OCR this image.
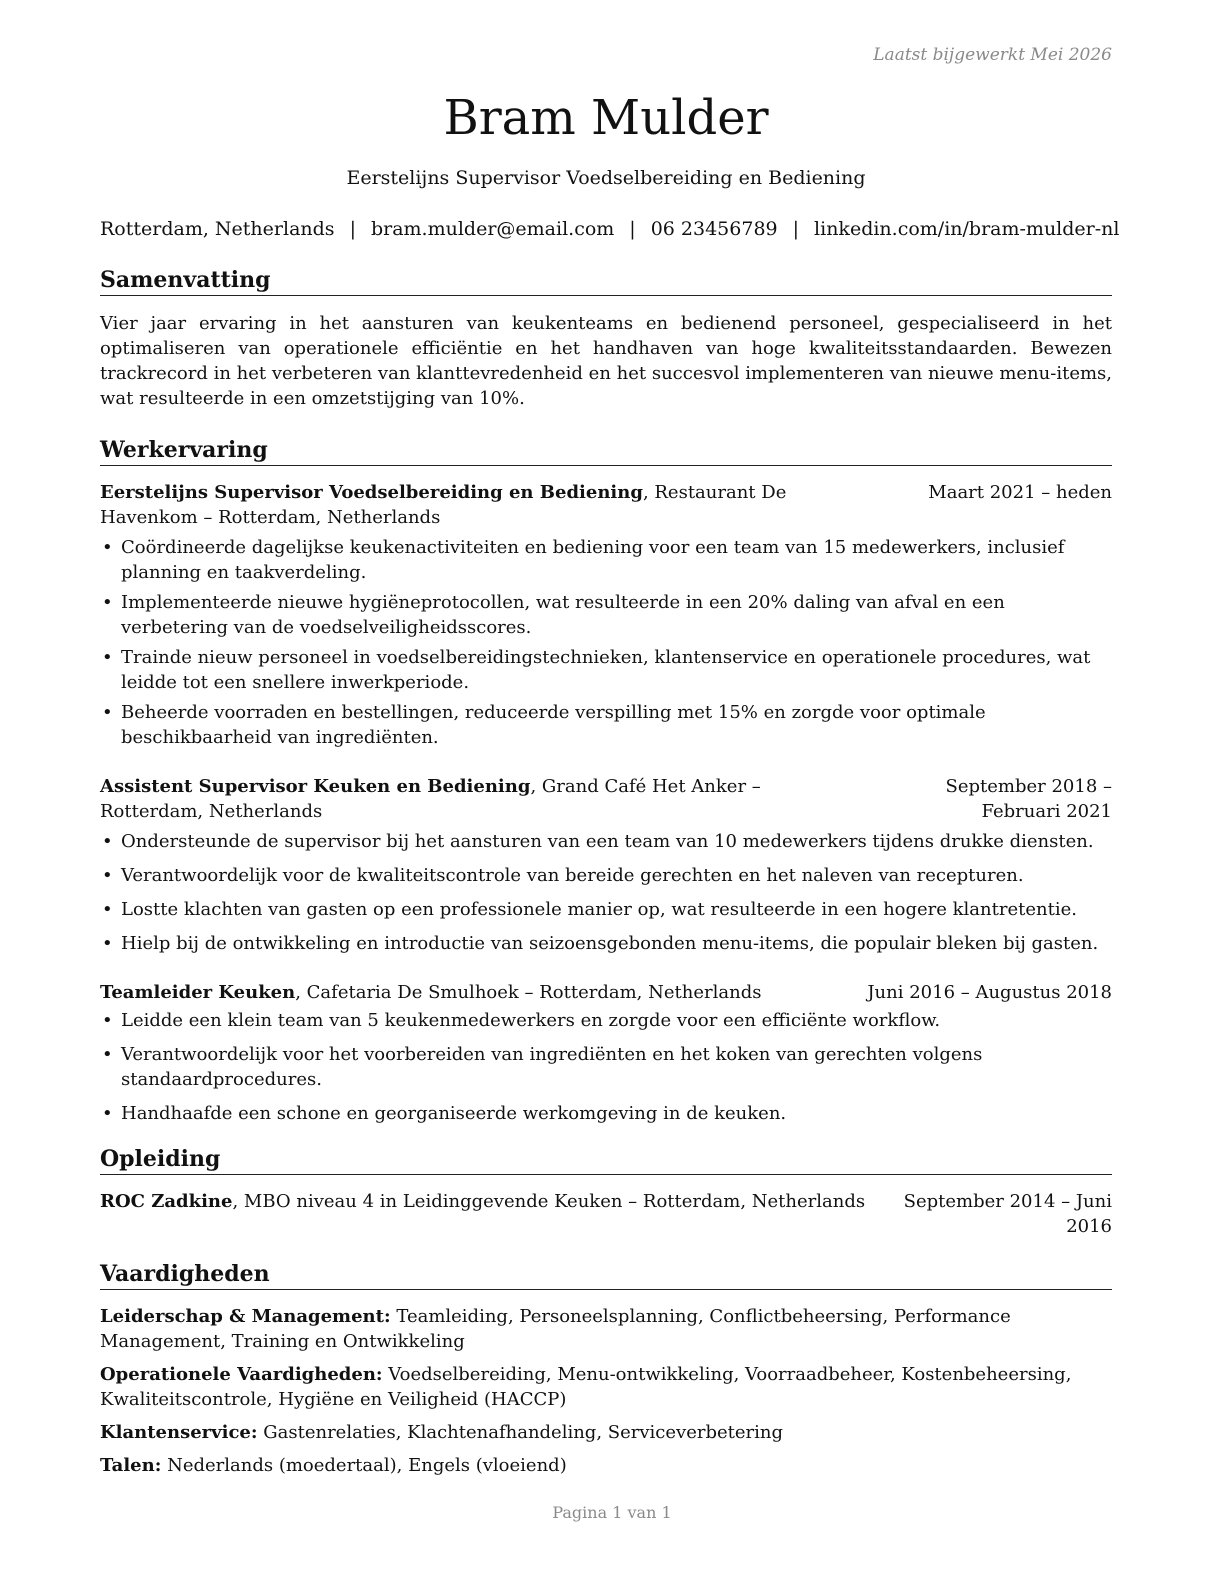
Laatst bijgewerkt Mei 2026
Bram Mulder
Eerstelijns Supervisor Voedselbereiding en Bediening
Rotterdam, Netherlands | bram.mulder@email.com | 06 23456789 | linkedin.com/in/bram-mulder-nl
Samenvatting
Vier jaar ervaring in het aansturen van keukenteams en bedienend personeel, gespecialiseerd in het optimaliseren van operationele efficiëntie en het handhaven van hoge kwaliteitsstandaarden. Bewezen trackrecord in het verbeteren van klanttevredenheid en het succesvol implementeren van nieuwe menu-items, wat resulteerde in een omzetstijging van 10%.
Werkervaring
Eerstelijns Supervisor Voedselbereiding en Bediening, Restaurant De Havenkom – Rotterdam, Netherlands
Maart 2021 – heden
• Coördineerde dagelijkse keukenactiviteiten en bediening voor een team van 15 medewerkers, inclusief planning en taakverdeling.
• Implementeerde nieuwe hygiëneprotocollen, wat resulteerde in een 20% daling van afval en een verbetering van de voedselveiligheidsscores.
• Trainde nieuw personeel in voedselbereidingstechnieken, klantenservice en operationele procedures, wat leidde tot een snellere inwerkperiode.
• Beheerde voorraden en bestellingen, reduceerde verspilling met 15% en zorgde voor optimale beschikbaarheid van ingrediënten.
Assistent Supervisor Keuken en Bediening, Grand Café Het Anker – Rotterdam, Netherlands
September 2018 – Februari 2021
• Ondersteunde de supervisor bij het aansturen van een team van 10 medewerkers tijdens drukke diensten.
• Verantwoordelijk voor de kwaliteitscontrole van bereide gerechten en het naleven van recepturen.
• Lostte klachten van gasten op een professionele manier op, wat resulteerde in een hogere klantretentie.
• Hielp bij de ontwikkeling en introductie van seizoensgebonden menu-items, die populair bleken bij gasten.
Teamleider Keuken, Cafetaria De Smulhoek – Rotterdam, Netherlands	Juni 2016 – Augustus 2018
• Leidde een klein team van 5 keukenmedewerkers en zorgde voor een efficiënte workflow.
• Verantwoordelijk voor het voorbereiden van ingrediënten en het koken van gerechten volgens standaardprocedures.
• Handhaafde een schone en georganiseerde werkomgeving in de keuken.
Opleiding
ROC Zadkine, MBO niveau 4 in Leidinggevende Keuken – Rotterdam, Netherlands	September 2014 – Juni 2016
Vaardigheden
Leiderschap & Management: Teamleiding, Personeelsplanning, Conflictbeheersing, Performance Management, Training en Ontwikkeling
Operationele Vaardigheden: Voedselbereiding, Menu-ontwikkeling, Voorraadbeheer, Kostenbeheersing, Kwaliteitscontrole, Hygiëne en Veiligheid (HACCP)
Klantenservice: Gastenrelaties, Klachtenafhandeling, Serviceverbetering
Talen: Nederlands (moedertaal), Engels (vloeiend)
Pagina 1 van 1
